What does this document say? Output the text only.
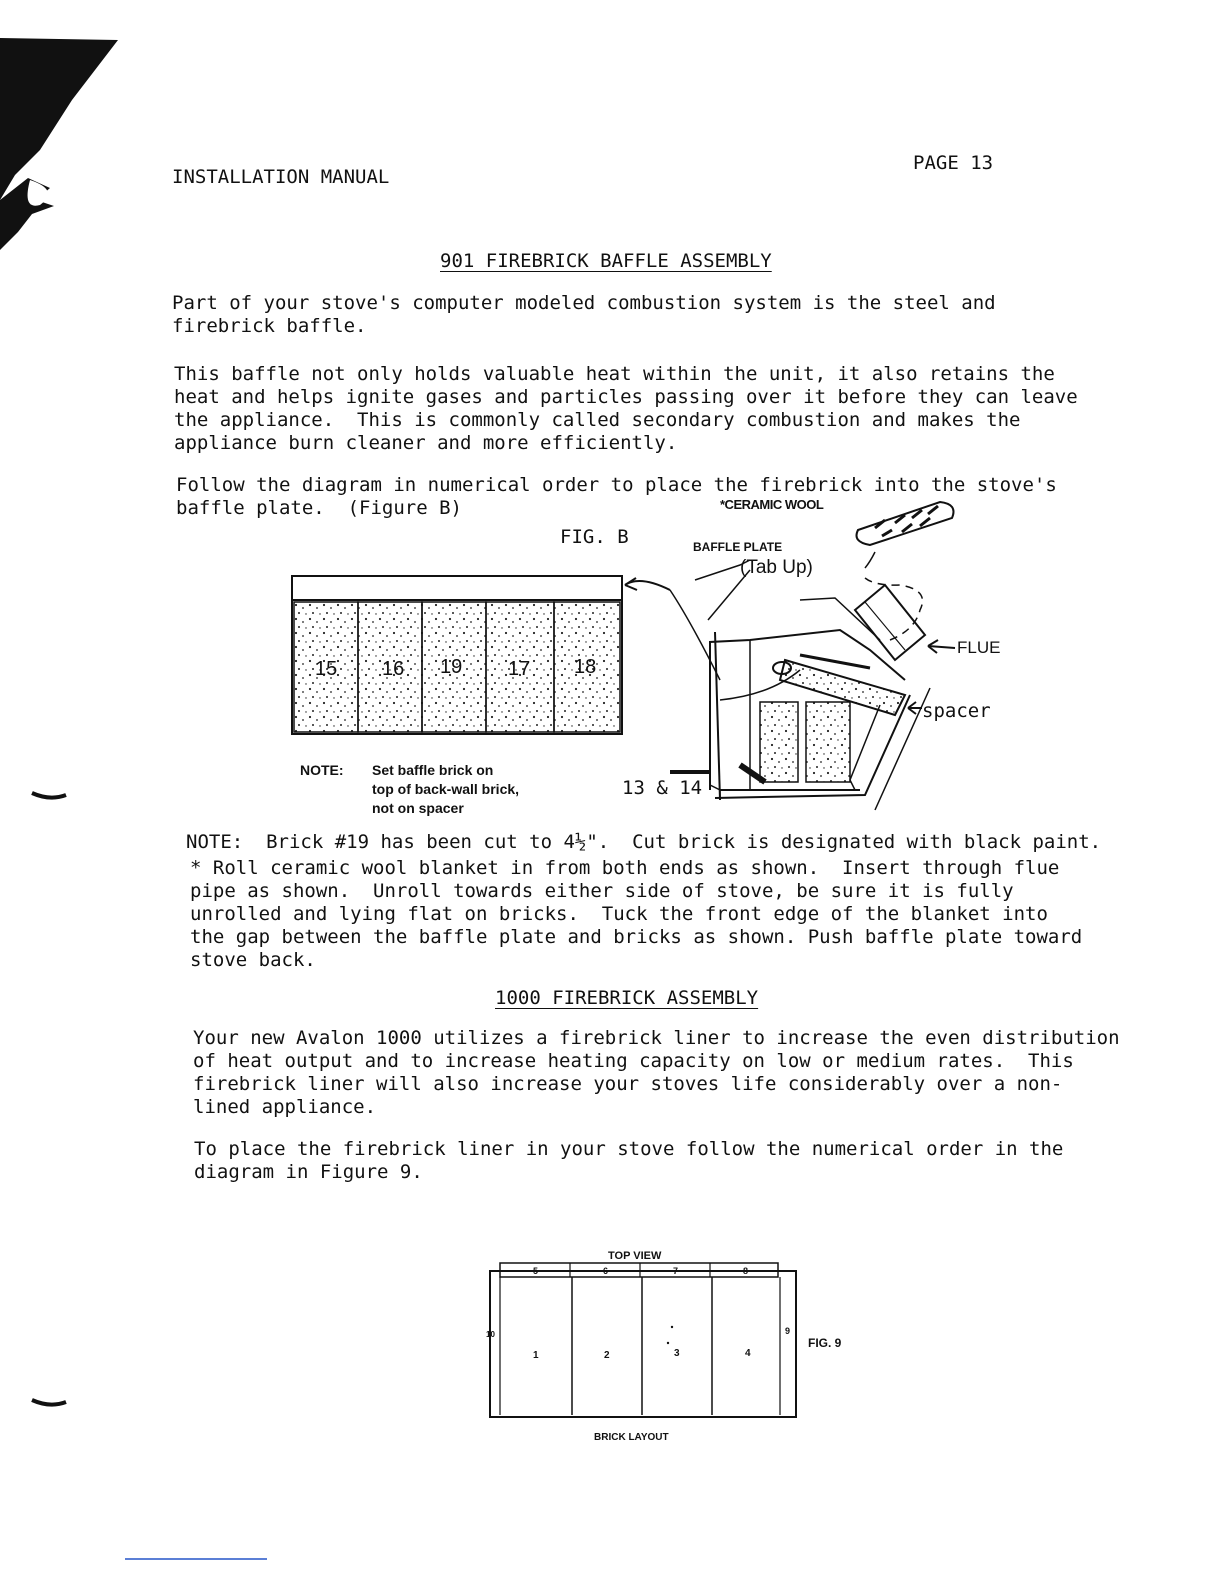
INSTALLATION MANUAL
PAGE 13
901 FIREBRICK BAFFLE ASSEMBLY
Part of your stove's computer modeled combustion system is the steel and
firebrick baffle.
This baffle not only holds valuable heat within the unit, it also retains the
heat and helps ignite gases and particles passing over it before they can leave
the appliance.  This is commonly called secondary combustion and makes the
appliance burn cleaner and more efficiently.
Follow the diagram in numerical order to place the firebrick into the stove's
baffle plate.  (Figure B)
FIG. B
*CERAMIC WOOL
BAFFLE PLATE
(Tab Up)
FLUE
spacer
13 & 14
15 16 19 17 18
NOTE: Set baffle brick on
top of back-wall brick,
not on spacer
NOTE:  Brick #19 has been cut to 4½".  Cut brick is designated with black paint.
* Roll ceramic wool blanket in from both ends as shown.  Insert through flue
pipe as shown.  Unroll towards either side of stove, be sure it is fully
unrolled and lying flat on bricks.  Tuck the front edge of the blanket into
the gap between the baffle plate and bricks as shown. Push baffle plate toward
stove back.
1000 FIREBRICK ASSEMBLY
Your new Avalon 1000 utilizes a firebrick liner to increase the even distribution
of heat output and to increase heating capacity on low or medium rates.  This
firebrick liner will also increase your stoves life considerably over a non-
lined appliance.
To place the firebrick liner in your stove follow the numerical order in the
diagram in Figure 9.
TOP VIEW
FIG. 9
BRICK LAYOUT
5	6	7	8
1	2	3	4
10	9
